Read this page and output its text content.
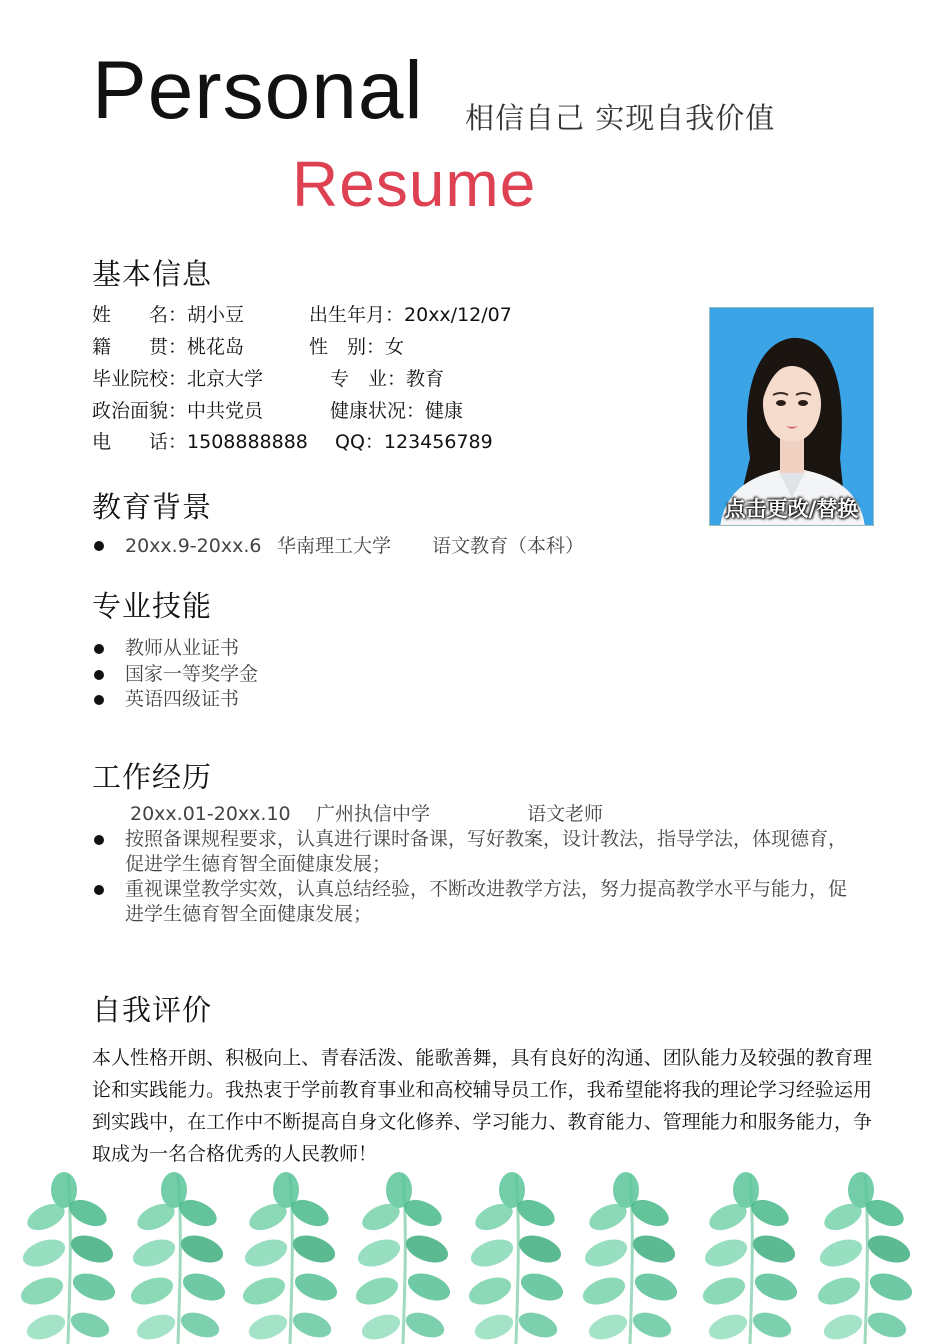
Personal 相信自己 实现自我价值
Resume
基本信息
姓　　名：胡小豆	出生年月：20xx/12/07
籍　　贯：桃花岛	性　别：女
毕业院校：北京大学	专　业：教育
政治面貌：中共党员	健康状况：健康
电　　话：1508888888 QQ：123456789
点击更改/替换
教育背景
20xx.9-20xx.6 华南理工大学 语文教育（本科）
专业技能
教师从业证书
国家一等奖学金
英语四级证书
工作经历
20xx.01-20xx.10 广州执信中学	语文老师
按照备课规程要求，认真进行课时备课，写好教案，设计教法，指导学法，体现德育，促进学生德育智全面健康发展；
重视课堂教学实效，认真总结经验，不断改进教学方法，努力提高教学水平与能力，促进学生德育智全面健康发展；
自我评价
本人性格开朗、积极向上、青春活泼、能歌善舞，具有良好的沟通、团队能力及较强的教育理论和实践能力。我热衷于学前教育事业和高校辅导员工作，我希望能将我的理论学习经验运用到实践中，在工作中不断提高自身文化修养、学习能力、教育能力、管理能力和服务能力，争取成为一名合格优秀的人民教师！
